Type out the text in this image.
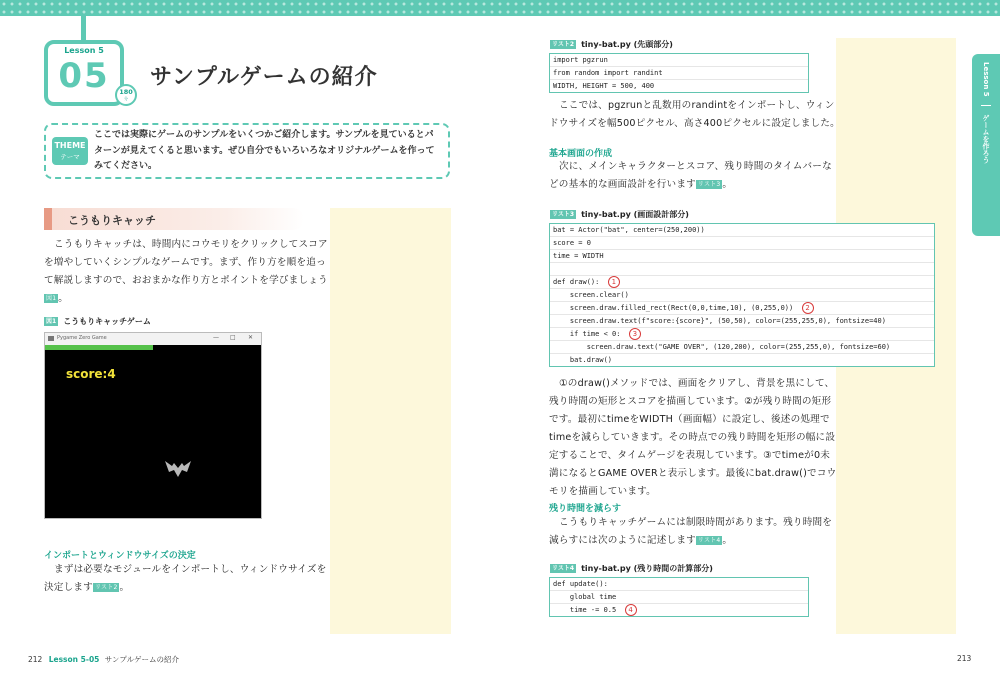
Lesson 5
05	180
分
サンプルゲームの紹介
THEME
テーマ
ここでは実際にゲームのサンプルをいくつかご紹介します。サンプルを見ているとパ
ターンが見えてくると思います。ぜひ自分でもいろいろなオリジナルゲームを作って
みてください。
こうもりキャッチ
こうもりキャッチは、時間内にコウモリをクリックしてスコア
を増やしていくシンプルなゲームです。まず、作り方を順を追っ
て解説しますので、おおまかな作り方とポイントを学びましょう
図1 。
図1 こうもりキャッチゲーム
Pygame Zero Game	— □ ✕
score:4
インポートとウィンドウサイズの決定
まずは必要なモジュールをインポートし、ウィンドウサイズを
決定します リスト2 。
212 Lesson 5-05 サンプルゲームの紹介
Lesson 5  ゲームを作ろう
リスト2 tiny-bat.py (先頭部分)
import pgzrun
from random import randint
WIDTH, HEIGHT = 500, 400
ここでは、pgzrunと乱数用のrandintをインポートし、ウィン
ドウサイズを幅500ピクセル、高さ400ピクセルに設定しました。
基本画面の作成
次に、メインキャラクターとスコア、残り時間のタイムバーな
どの基本的な画面設計を行います リスト3 。
リスト3 tiny-bat.py (画面設計部分)
bat = Actor("bat", center=(250,200))
score = 0
time = WIDTH
def draw():  1
screen.clear()
screen.draw.filled_rect(Rect(0,0,time,10), (0,255,0))  2
screen.draw.text(f"score:{score}", (50,50), color=(255,255,0), fontsize=40)
if time < 0:  3
screen.draw.text("GAME OVER", (120,200), color=(255,255,0), fontsize=60)
bat.draw()
①のdraw()メソッドでは、画面をクリアし、背景を黒にして、
残り時間の矩形とスコアを描画しています。②が残り時間の矩形
です。最初にtimeをWIDTH（画面幅）に設定し、後述の処理で
timeを減らしていきます。その時点での残り時間を矩形の幅に設
定することで、タイムゲージを表現しています。③でtimeが0未
満になるとGAME OVERと表示します。最後にbat.draw()でコウ
モリを描画しています。
残り時間を減らす
こうもりキャッチゲームには制限時間があります。残り時間を
減らすには次のように記述します リスト4 。
リスト4 tiny-bat.py (残り時間の計算部分)
def update():
global time
time -= 0.5  4
213
